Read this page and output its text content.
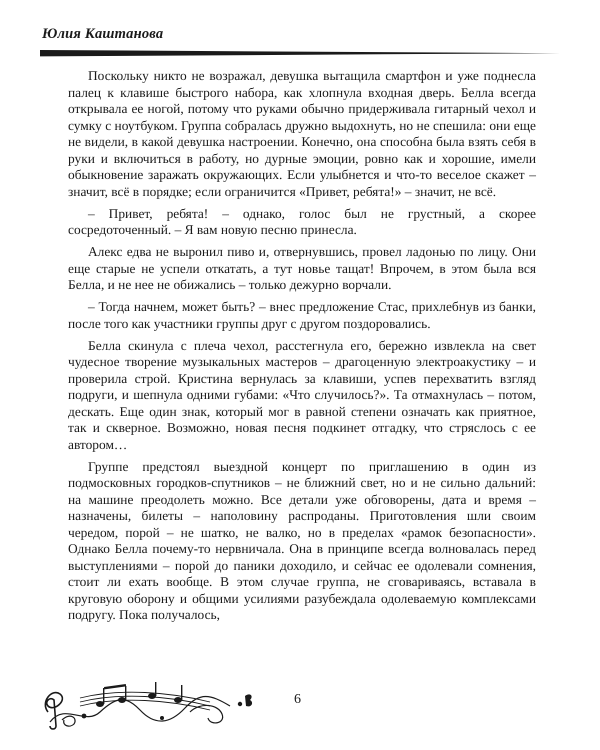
Юлия Каштанова

Поскольку никто не возражал, девушка вытащила смартфон и уже поднесла палец к клавише быстрого набора, как хлопнула входная дверь. Белла всегда открывала ее ногой, потому что руками обычно придерживала гитарный чехол и сумку с ноутбуком. Группа собралась дружно выдохнуть, но не спешила: они еще не видели, в какой девушка настроении. Конечно, она способна была взять себя в руки и включиться в работу, но дурные эмоции, ровно как и хорошие, имели обыкновение заражать окружающих. Если улыбнется и что-то веселое скажет – значит, всё в порядке; если ограничится «Привет, ребята!» – значит, не всё.

– Привет, ребята! – однако, голос был не грустный, а скорее сосредоточенный. – Я вам новую песню принесла.

Алекс едва не выронил пиво и, отвернувшись, провел ладонью по лицу. Они еще старые не успели откатать, а тут новье тащат! Впрочем, в этом была вся Белла, и не нее не обижались – только дежурно ворчали.

– Тогда начнем, может быть? – внес предложение Стас, прихлебнув из банки, после того как участники группы друг с другом поздоровались.

Белла скинула с плеча чехол, расстегнула его, бережно извлекла на свет чудесное творение музыкальных мастеров – драгоценную электроакустику – и проверила строй. Кристина вернулась за клавиши, успев перехватить взгляд подруги, и шепнула одними губами: «Что случилось?». Та отмахнулась – потом, дескать. Еще один знак, который мог в равной степени означать как приятное, так и скверное. Возможно, новая песня подкинет отгадку, что стряслось с ее автором…

Группе предстоял выездной концерт по приглашению в один из подмосковных городков-спутников – не ближний свет, но и не сильно дальний: на машине преодолеть можно. Все детали уже обговорены, дата и время – назначены, билеты – наполовину распроданы. Приготовления шли своим чередом, порой – не шатко, не валко, но в пределах «рамок безопасности». Однако Белла почему-то нервничала. Она в принципе всегда волновалась перед выступлениями – порой до паники доходило, и сейчас ее одолевали сомнения, стоит ли ехать вообще. В этом случае группа, не сговариваясь, вставала в круговую оборону и общими усилиями разубеждала одолеваемую комплексами подругу. Пока получалось,

6
